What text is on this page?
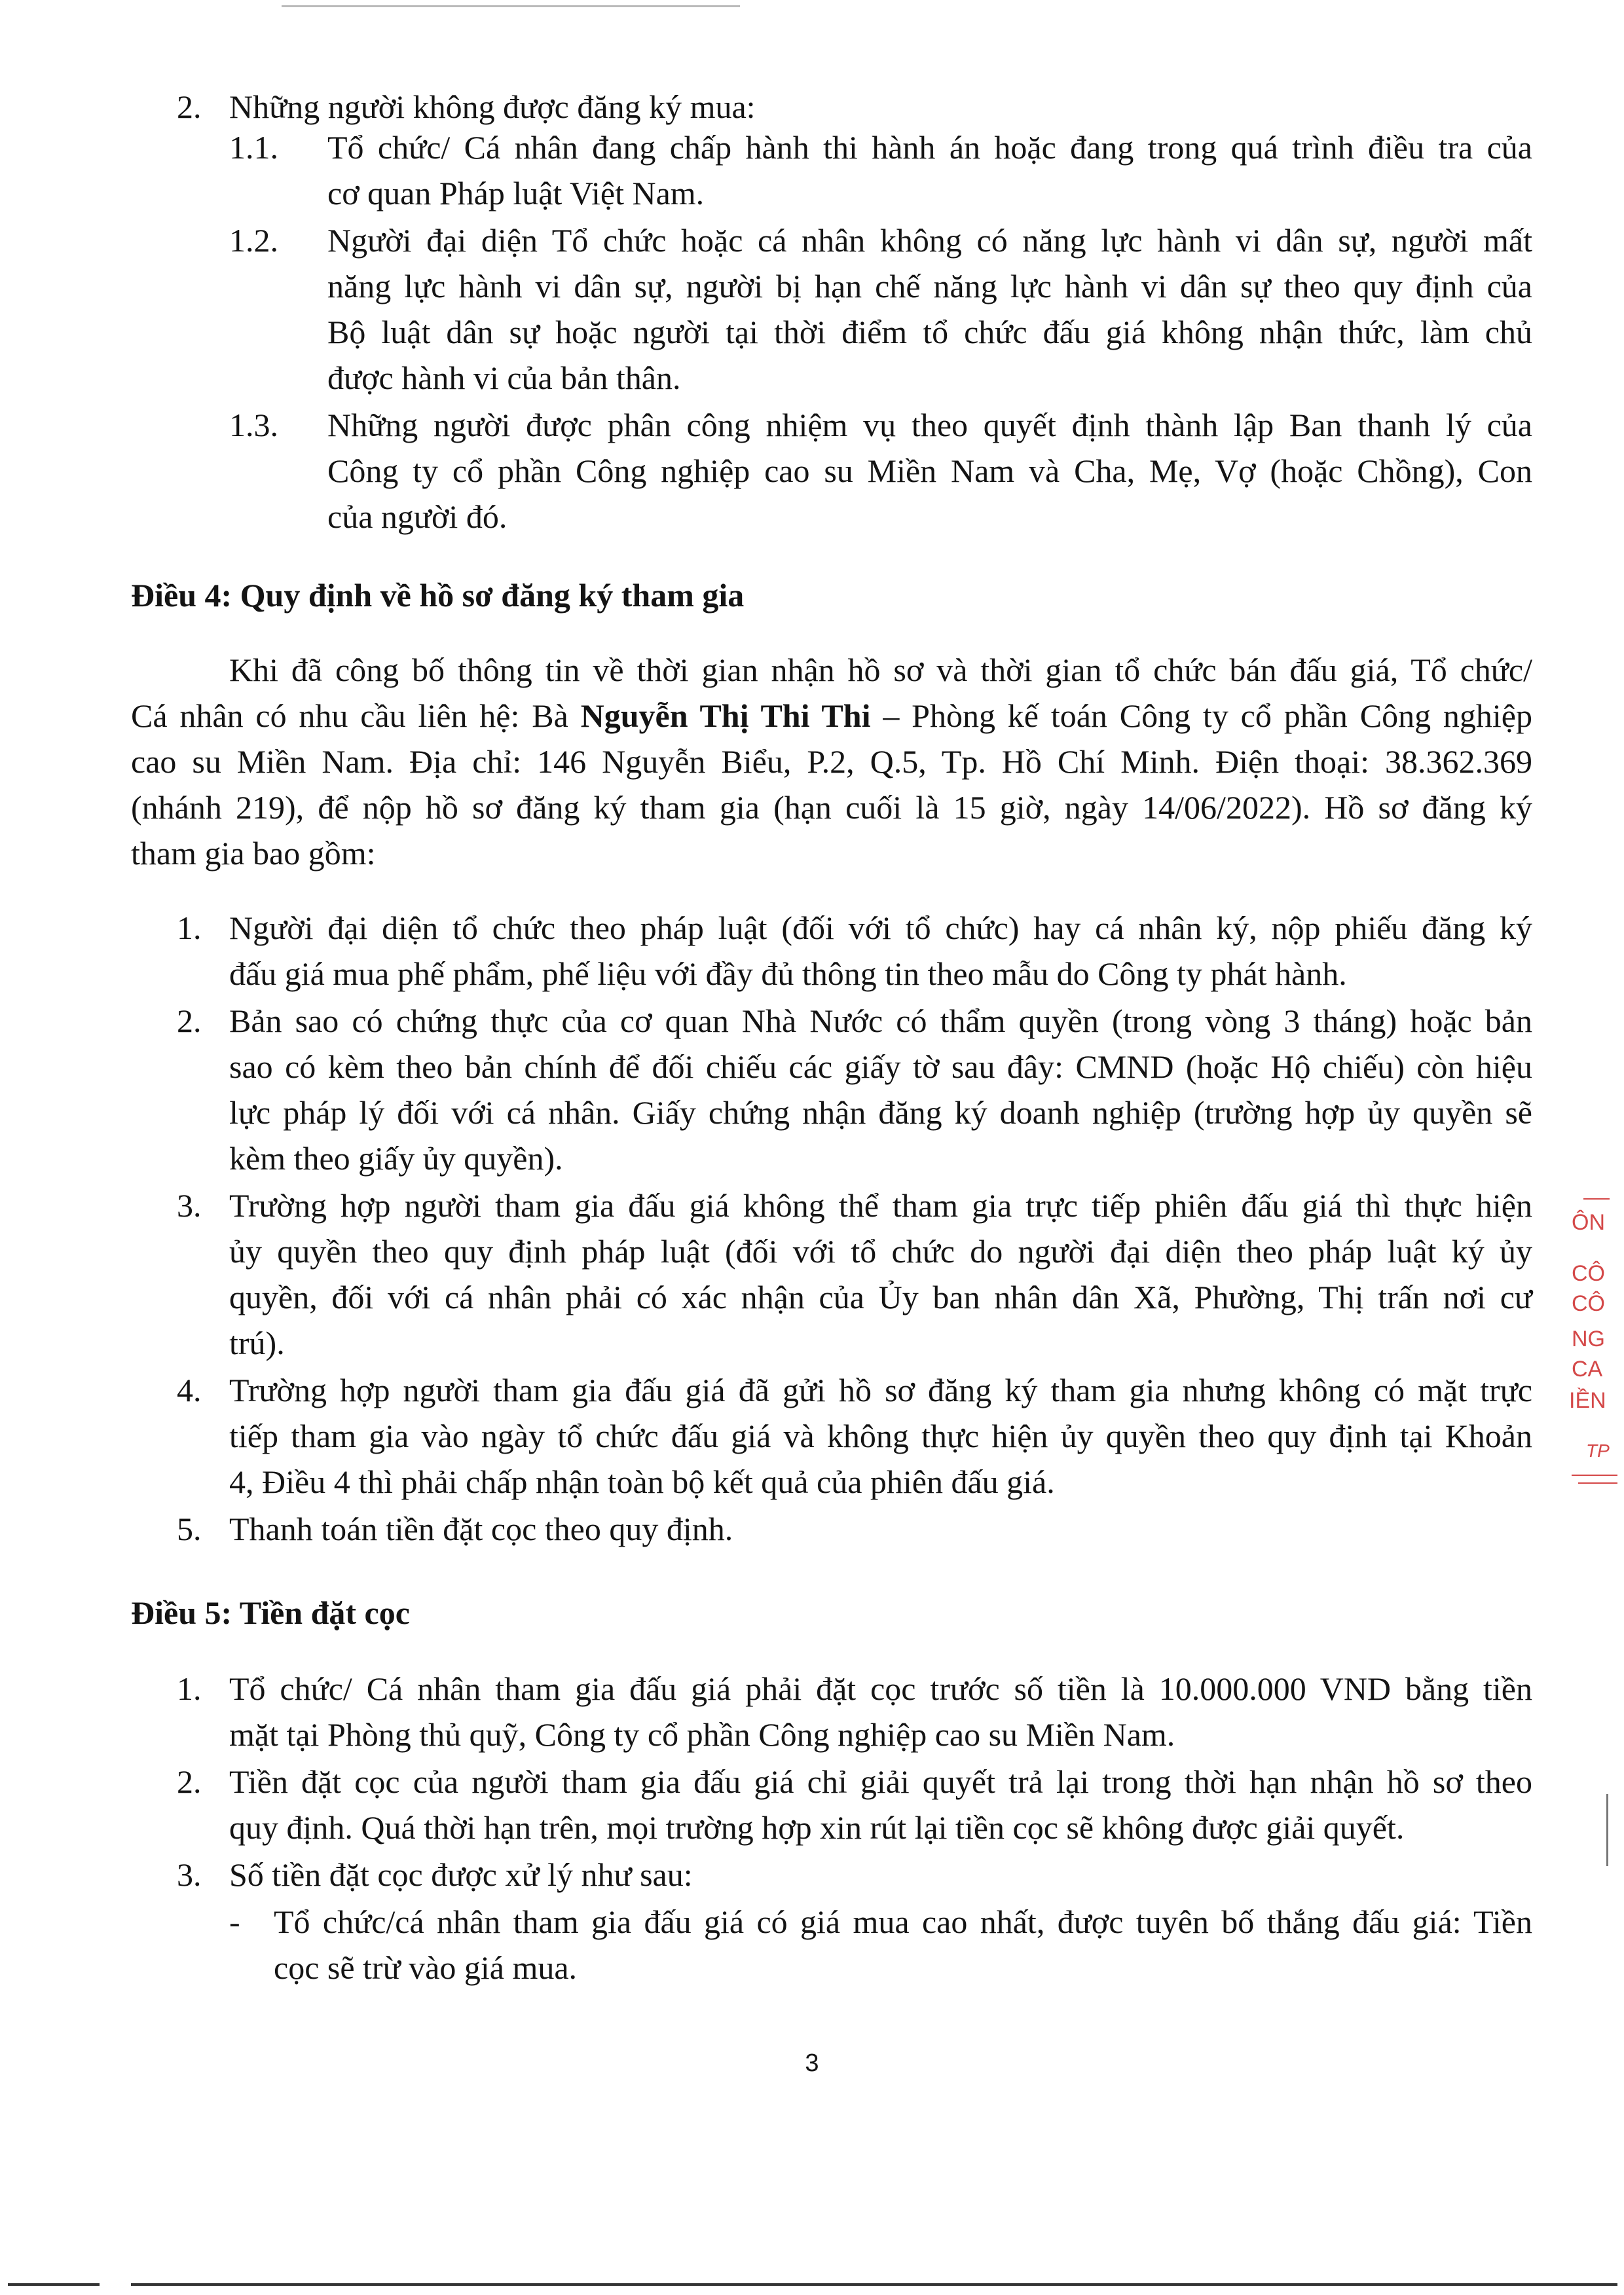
2. Những người không được đăng ký mua:
1.1. Tổ chức/ Cá nhân đang chấp hành thi hành án hoặc đang trong quá trình điều tra của
cơ quan Pháp luật Việt Nam.
1.2. Người đại diện Tổ chức hoặc cá nhân không có năng lực hành vi dân sự, người mất
năng lực hành vi dân sự, người bị hạn chế năng lực hành vi dân sự theo quy định của
Bộ luật dân sự hoặc người tại thời điểm tổ chức đấu giá không nhận thức, làm chủ
được hành vi của bản thân.
1.3. Những người được phân công nhiệm vụ theo quyết định thành lập Ban thanh lý của
Công ty cổ phần Công nghiệp cao su Miền Nam và Cha, Mẹ, Vợ (hoặc Chồng), Con
của người đó.
Điều 4: Quy định về hồ sơ đăng ký tham gia
Khi đã công bố thông tin về thời gian nhận hồ sơ và thời gian tổ chức bán đấu giá, Tổ chức/
Cá nhân có nhu cầu liên hệ: Bà Nguyễn Thị Thi Thi – Phòng kế toán Công ty cổ phần Công nghiệp
cao su Miền Nam. Địa chỉ: 146 Nguyễn Biểu, P.2, Q.5, Tp. Hồ Chí Minh. Điện thoại: 38.362.369
(nhánh 219), để nộp hồ sơ đăng ký tham gia (hạn cuối là 15 giờ, ngày 14/06/2022). Hồ sơ đăng ký
tham gia bao gồm:
1. Người đại diện tổ chức theo pháp luật (đối với tổ chức) hay cá nhân ký, nộp phiếu đăng ký
đấu giá mua phế phẩm, phế liệu với đầy đủ thông tin theo mẫu do Công ty phát hành.
2. Bản sao có chứng thực của cơ quan Nhà Nước có thẩm quyền (trong vòng 3 tháng) hoặc bản
sao có kèm theo bản chính để đối chiếu các giấy tờ sau đây: CMND (hoặc Hộ chiếu) còn hiệu
lực pháp lý đối với cá nhân. Giấy chứng nhận đăng ký doanh nghiệp (trường hợp ủy quyền sẽ
kèm theo giấy ủy quyền).
3. Trường hợp người tham gia đấu giá không thể tham gia trực tiếp phiên đấu giá thì thực hiện
ủy quyền theo quy định pháp luật (đối với tổ chức do người đại diện theo pháp luật ký ủy
quyền, đối với cá nhân phải có xác nhận của Ủy ban nhân dân Xã, Phường, Thị trấn nơi cư
trú).
4. Trường hợp người tham gia đấu giá đã gửi hồ sơ đăng ký tham gia nhưng không có mặt trực
tiếp tham gia vào ngày tổ chức đấu giá và không thực hiện ủy quyền theo quy định tại Khoản
4, Điều 4 thì phải chấp nhận toàn bộ kết quả của phiên đấu giá.
5. Thanh toán tiền đặt cọc theo quy định.
Điều 5: Tiền đặt cọc
1. Tổ chức/ Cá nhân tham gia đấu giá phải đặt cọc trước số tiền là 10.000.000 VND bằng tiền
mặt tại Phòng thủ quỹ, Công ty cổ phần Công nghiệp cao su Miền Nam.
2. Tiền đặt cọc của người tham gia đấu giá chỉ giải quyết trả lại trong thời hạn nhận hồ sơ theo
quy định. Quá thời hạn trên, mọi trường hợp xin rút lại tiền cọc sẽ không được giải quyết.
3. Số tiền đặt cọc được xử lý như sau:
- Tổ chức/cá nhân tham gia đấu giá có giá mua cao nhất, được tuyên bố thắng đấu giá: Tiền
cọc sẽ trừ vào giá mua.
3
ÔN
CÔ
CÔ
NG
CA
IỀN
TP
